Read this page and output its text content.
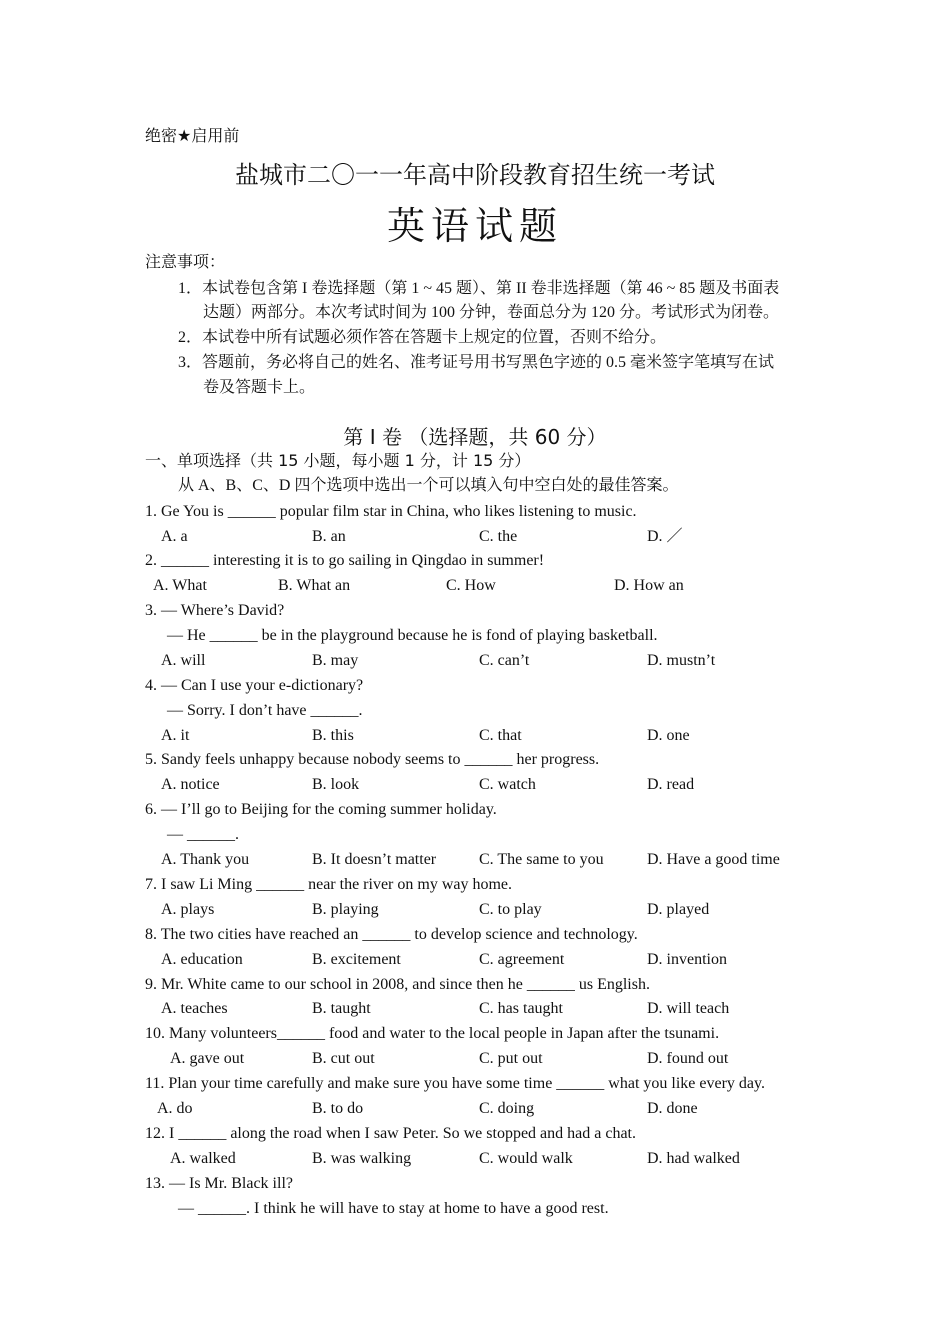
绝密★启用前
盐城市二〇一一年高中阶段教育招生统一考试
英语试题
注意事项：
1．本试卷包含第 I 卷选择题（第 1 ~ 45 题）、第 II 卷非选择题（第 46 ~ 85 题及书面表
达题）两部分。本次考试时间为 100 分钟，卷面总分为 120 分。考试形式为闭卷。
2．本试卷中所有试题必须作答在答题卡上规定的位置，否则不给分。
3．答题前，务必将自己的姓名、准考证号用书写黑色字迹的 0.5 毫米签字笔填写在试
卷及答题卡上。
第 Ⅰ 卷 （选择题，共 60 分）
一、单项选择（共 15 小题，每小题 1 分，计 15 分）
从 A、B、C、D 四个选项中选出一个可以填入句中空白处的最佳答案。
1. Ge You is ______ popular film star in China, who likes listening to music.
A. a	B. an	C. the	D. ／
2. ______ interesting it is to go sailing in Qingdao in summer!
A. What	B. What an	C. How	D. How an
3. — Where’s David?
— He ______ be in the playground because he is fond of playing basketball.
A. will	B. may	C. can’t	D. mustn’t
4. — Can I use your e-dictionary?
— Sorry. I don’t have ______.
A. it	B. this	C. that	D. one
5. Sandy feels unhappy because nobody seems to ______ her progress.
A. notice	B. look	C. watch	D. read
6. — I’ll go to Beijing for the coming summer holiday.
— ______.
A. Thank you	B. It doesn’t matter	C. The same to you	D. Have a good time
7. I saw Li Ming ______ near the river on my way home.
A. plays	B. playing	C. to play	D. played
8. The two cities have reached an ______ to develop science and technology.
A. education	B. excitement	C. agreement	D. invention
9. Mr. White came to our school in 2008, and since then he ______ us English.
A. teaches	B. taught	C. has taught	D. will teach
10. Many volunteers______ food and water to the local people in Japan after the tsunami.
A. gave out	B. cut out	C. put out	D. found out
11. Plan your time carefully and make sure you have some time ______ what you like every day.
A. do	B. to do	C. doing	D. done
12. I ______ along the road when I saw Peter. So we stopped and had a chat.
A. walked	B. was walking	C. would walk	D. had walked
13. — Is Mr. Black ill?
— ______. I think he will have to stay at home to have a good rest.
